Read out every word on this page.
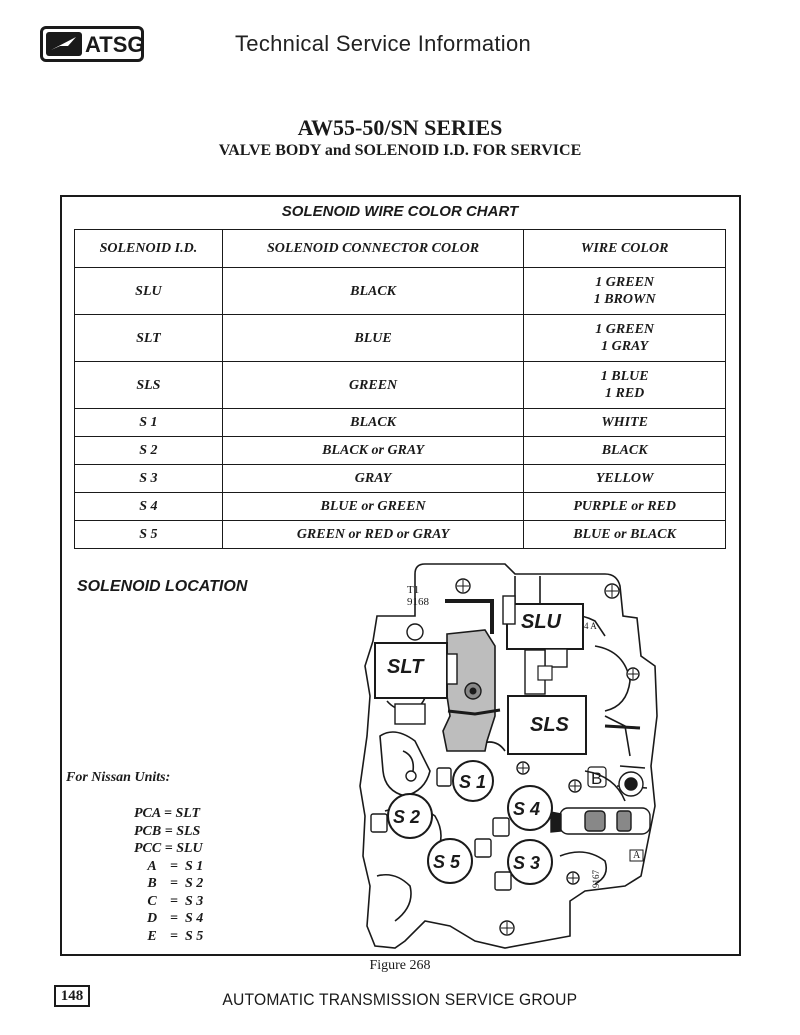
ATSG	Technical Service Information
AW55-50/SN SERIES
VALVE BODY and SOLENOID I.D. FOR SERVICE
SOLENOID WIRE COLOR CHART
SOLENOID I.D.	SOLENOID CONNECTOR COLOR	WIRE COLOR
SLU	BLACK	1 GREEN
1 BROWN

SLT	BLUE	1 GREEN
1 GRAY

SLS	GREEN	1 BLUE
1 RED

S 1	BLACK	WHITE
S 2	BLACK or GRAY	BLACK
S 3	GRAY	YELLOW
S 4	BLUE or GREEN	PURPLE or RED
S 5	GREEN or RED or GRAY	BLUE or BLACK
SOLENOID LOCATION
For Nissan Units:
PCA = SLT
PCB = SLS
PCC = SLU
A =  S 1
B =  S 2
C =  S 3
D =  S 4
E =  S 5
SLU
SLT
SLS
S 1
S 2	S 4
S 5	S 3
T1
9168
4 A
A
9167
B
Figure 268
148	AUTOMATIC TRANSMISSION SERVICE GROUP
